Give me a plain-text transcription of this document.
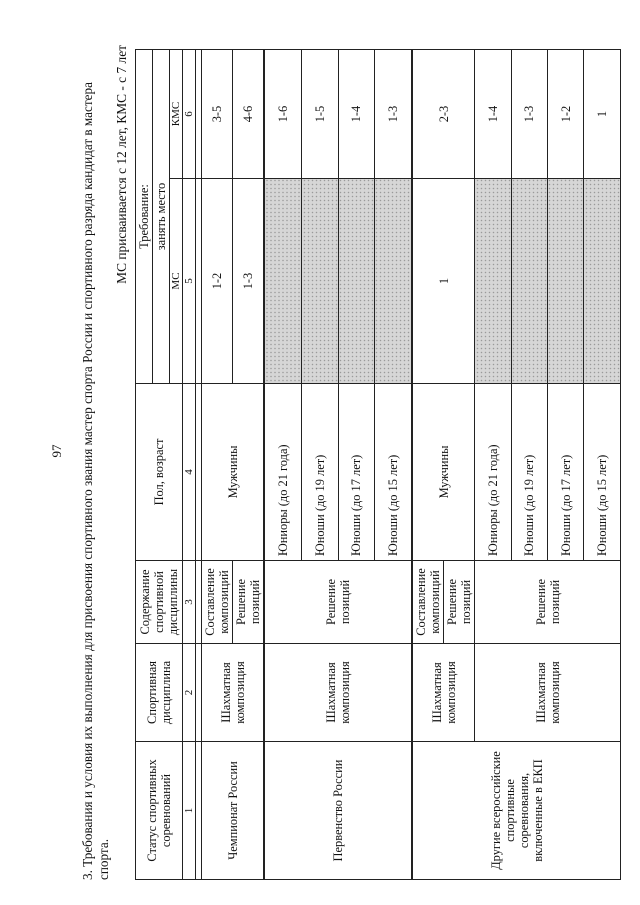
97 3. Требования и условия их выполнения для присвоения спортивного звания мастер спорта России и спортивного разряда кандидат в мастера спорта.
МС присваивается с 12 лет, КМС - с 7 лет
Статус спортивных соревнований	Спортивная дисциплина	Содержание спортивной дисциплины	Пол, возраст	Требование:	
				занять место	
				МС	КМС
1	2	3	4	5	6

Чемпионат России	Шахматная композиция	Составление композиций	Мужчины	1-2	3-5
		Решение позиций		1-3	4-6
Первенство России	Шахматная композиция	Решение позиций	Юниоры (до 21 года)		1-6
			Юноши (до 19 лет)		1-5
			Юноши (до 17 лет)		1-4
			Юноши (до 15 лет)		1-3
Другие всероссийские спортивные соревнования, включенные в ЕКП	Шахматная композиция	Составление композиций	Мужчины	1	2-3
		Решение позиций			
	Шахматная композиция	Решение позиций	Юниоры (до 21 года)		1-4
			Юноши (до 19 лет)		1-3
			Юноши (до 17 лет)		1-2
			Юноши (до 15 лет)		1
